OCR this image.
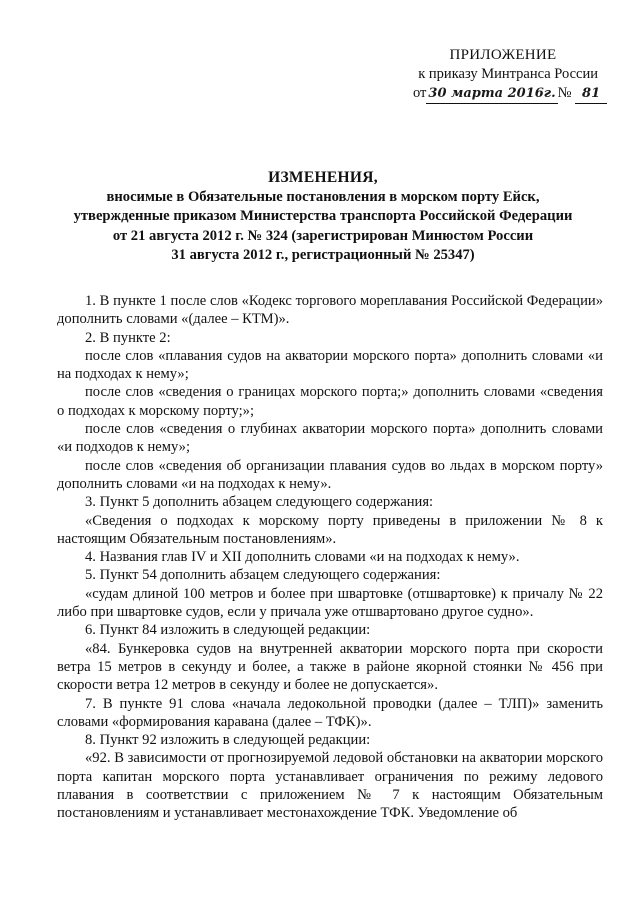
ПРИЛОЖЕНИЕ
к приказу Минтранса России
от 30 марта 2016г. № 81
ИЗМЕНЕНИЯ,
вносимые в Обязательные постановления в морском порту Ейск,
утвержденные приказом Министерства транспорта Российской Федерации
от 21 августа 2012 г. № 324 (зарегистрирован Минюстом России
31 августа 2012 г., регистрационный № 25347)

1. В пункте 1 после слов «Кодекс торгового мореплавания Российской Федерации» дополнить словами «(далее – КТМ)».

2. В пункте 2:

после слов «плавания судов на акватории морского порта» дополнить словами «и на подходах к нему»;

после слов «сведения о границах морского порта;» дополнить словами «сведения о подходах к морскому порту;»;

после слов «сведения о глубинах акватории морского порта» дополнить словами «и подходов к нему»;

после слов «сведения об организации плавания судов во льдах в морском порту» дополнить словами «и на подходах к нему».

3. Пункт 5 дополнить абзацем следующего содержания:

«Сведения о подходах к морскому порту приведены в приложении № 8 к настоящим Обязательным постановлениям».

4. Названия глав IV и XII дополнить словами «и на подходах к нему».

5. Пункт 54 дополнить абзацем следующего содержания:

«судам длиной 100 метров и более при швартовке (отшвартовке) к причалу № 22 либо при швартовке судов, если у причала уже отшвартовано другое судно».

6. Пункт 84 изложить в следующей редакции:

«84. Бункеровка судов на внутренней акватории морского порта при скорости ветра 15 метров в секунду и более, а также в районе якорной стоянки № 456 при скорости ветра 12 метров в секунду и более не допускается».

7. В пункте 91 слова «начала ледокольной проводки (далее – ТЛП)» заменить словами «формирования каравана (далее – ТФК)».

8. Пункт 92 изложить в следующей редакции:

«92. В зависимости от прогнозируемой ледовой обстановки на акватории морского порта капитан морского порта устанавливает ограничения по режиму ледового плавания в соответствии с приложением № 7 к настоящим Обязательным постановлениям и устанавливает местонахождение ТФК. Уведомление об
